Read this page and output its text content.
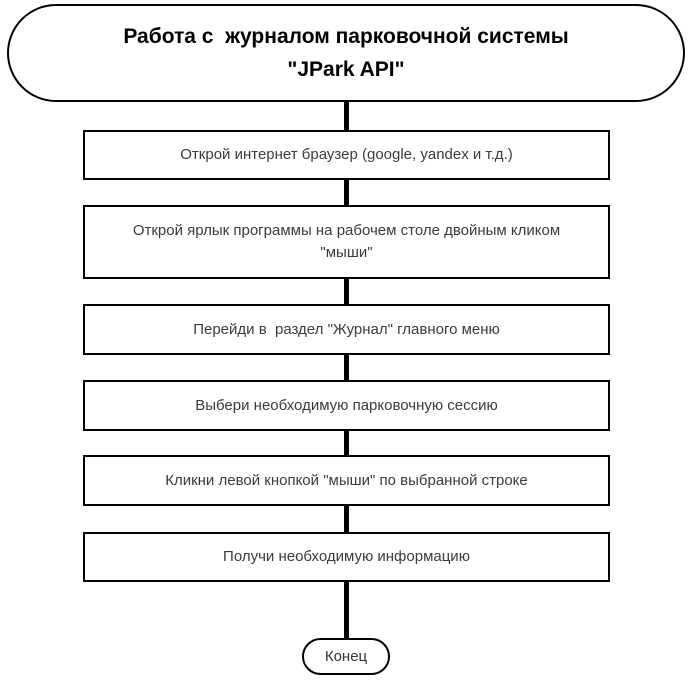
Работа с  журналом парковочной системы
"JPark API"
Открой интернет браузер (google, yandex и т.д.)
Открой ярлык программы на рабочем столе двойным кликом
"мыши"
Перейди в  раздел "Журнал" главного меню
Выбери необходимую парковочную сессию
Кликни левой кнопкой "мыши" по выбранной строке
Получи необходимую информацию
Конец
